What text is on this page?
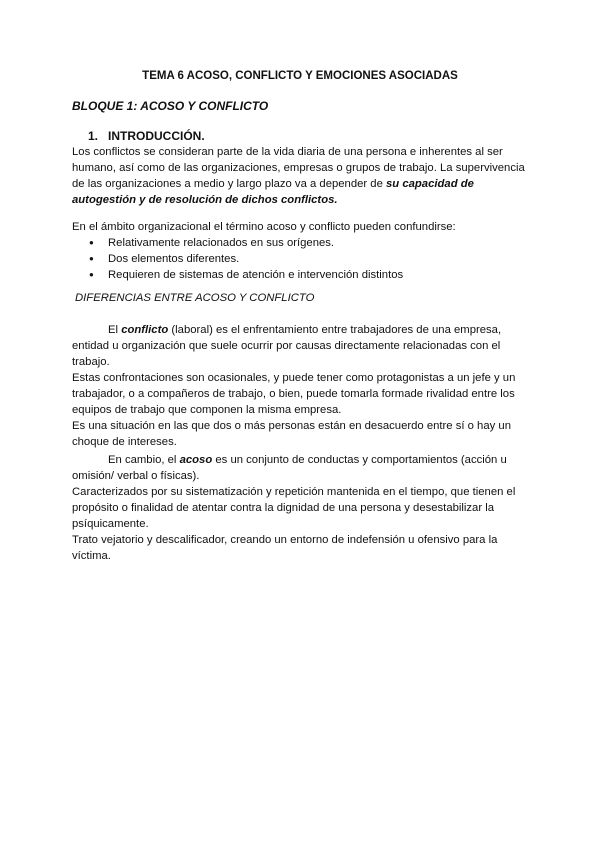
TEMA 6 ACOSO, CONFLICTO Y EMOCIONES ASOCIADAS
BLOQUE 1: ACOSO Y CONFLICTO
1. INTRODUCCIÓN.

Los conflictos se consideran parte de la vida diaria de una persona e inherentes al ser humano, así como de las organizaciones, empresas o grupos de trabajo. La supervivencia de las organizaciones a medio y largo plazo va a depender de su capacidad de autogestión y de resolución de dichos conflictos.

En el ámbito organizacional el término acoso y conflicto pueden confundirse:

● Relativamente relacionados en sus orígenes.
● Dos elementos diferentes.
● Requieren de sistemas de atención e intervención distintos
DIFERENCIAS ENTRE ACOSO Y CONFLICTO

El conflicto (laboral) es el enfrentamiento entre trabajadores de una empresa, entidad u organización que suele ocurrir por causas directamente relacionadas con el trabajo.

Estas confrontaciones son ocasionales, y puede tener como protagonistas a un jefe y un trabajador, o a compañeros de trabajo, o bien, puede tomarla formade rivalidad entre los equipos de trabajo que componen la misma empresa.

Es una situación en las que dos o más personas están en desacuerdo entre sí o hay un choque de intereses.

En cambio, el acoso es un conjunto de conductas y comportamientos (acción u omisión/ verbal o físicas).

Caracterizados por su sistematización y repetición mantenida en el tiempo, que tienen el propósito o finalidad de atentar contra la dignidad de una persona y desestabilizar la psíquicamente.

Trato vejatorio y descalificador, creando un entorno de indefensión u ofensivo para la víctima.
